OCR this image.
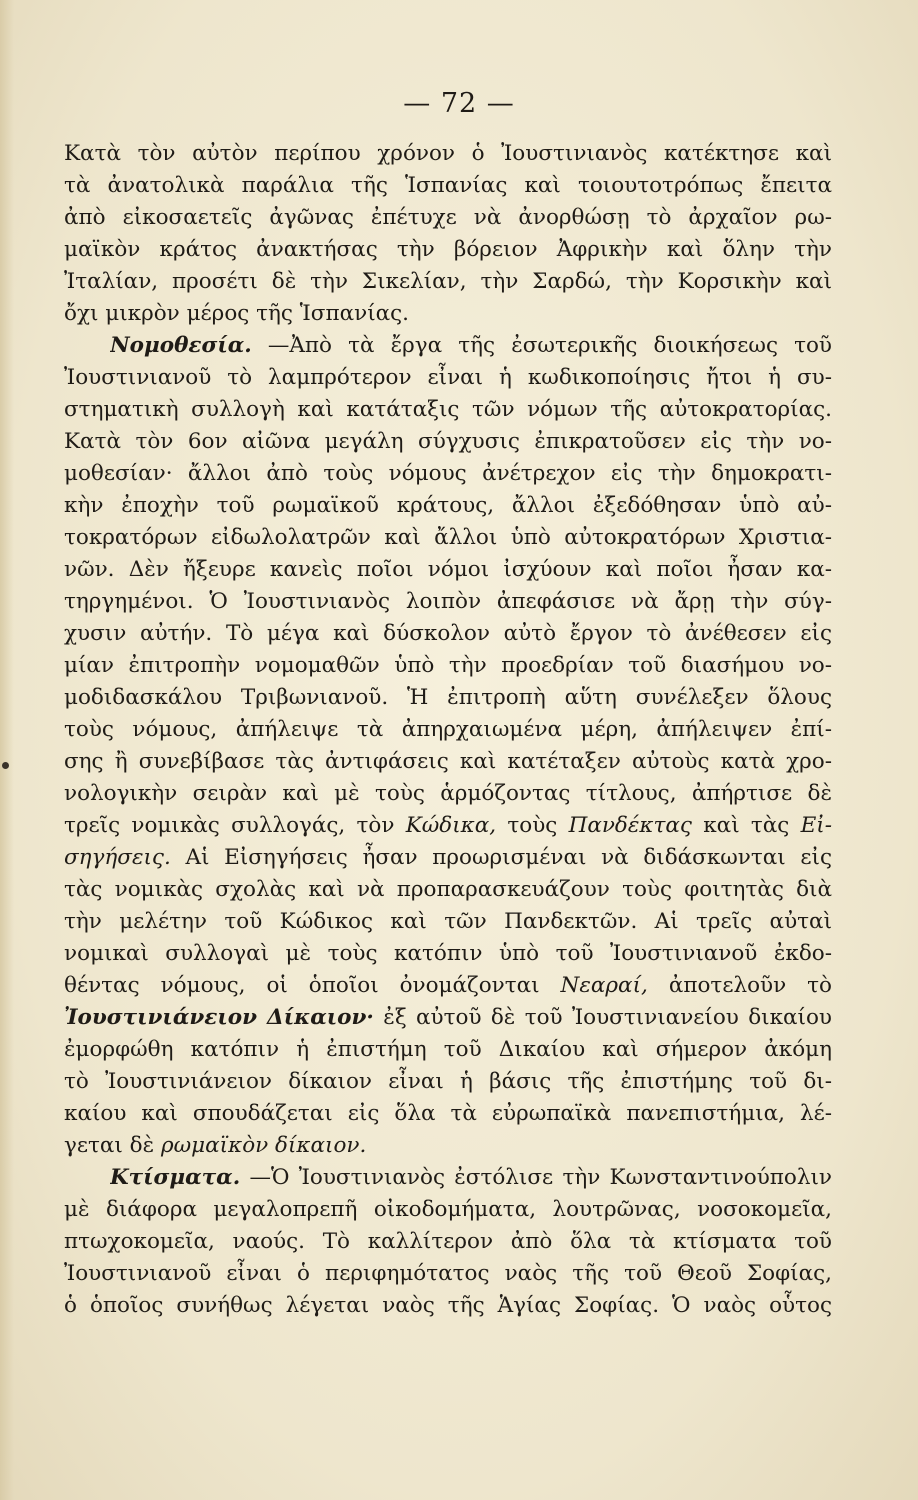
— 72 —
Κατὰ τὸν αὐτὸν περίπου χρόνον ὁ Ἰουστινιανὸς κατέκτησε καὶ
τὰ ἀνατολικὰ παράλια τῆς Ἱσπανίας καὶ τοιουτοτρόπως ἔπειτα
ἀπὸ εἰκοσαετεῖς ἀγῶνας ἐπέτυχε νὰ ἀνορθώσῃ τὸ ἀρχαῖον ρω-
μαϊκὸν κράτος ἀνακτήσας τὴν βόρειον Ἀφρικὴν καὶ ὅλην τὴν
Ἰταλίαν, προσέτι δὲ τὴν Σικελίαν, τὴν Σαρδώ, τὴν Κορσικὴν καὶ
ὄχι μικρὸν μέρος τῆς Ἱσπανίας.
Νομοθεσία. —Ἀπὸ τὰ ἔργα τῆς ἐσωτερικῆς διοικήσεως τοῦ
Ἰουστινιανοῦ τὸ λαμπρότερον εἶναι ἡ κωδικοποίησις ἤτοι ἡ συ-
στηματικὴ συλλογὴ καὶ κατάταξις τῶν νόμων τῆς αὐτοκρατορίας.
Κατὰ τὸν 6ον αἰῶνα μεγάλη σύγχυσις ἐπικρατοῦσεν εἰς τὴν νο-
μοθεσίαν· ἄλλοι ἀπὸ τοὺς νόμους ἀνέτρεχον εἰς τὴν δημοκρατι-
κὴν ἐποχὴν τοῦ ρωμαϊκοῦ κράτους, ἄλλοι ἐξεδόθησαν ὑπὸ αὐ-
τοκρατόρων εἰδωλολατρῶν καὶ ἄλλοι ὑπὸ αὐτοκρατόρων Χριστια-
νῶν. Δὲν ἤξευρε κανεὶς ποῖοι νόμοι ἰσχύουν καὶ ποῖοι ἦσαν κα-
τηργημένοι. Ὁ Ἰουστινιανὸς λοιπὸν ἀπεφάσισε νὰ ἄρῃ τὴν σύγ-
χυσιν αὐτήν. Τὸ μέγα καὶ δύσκολον αὐτὸ ἔργον τὸ ἀνέθεσεν εἰς
μίαν ἐπιτροπὴν νομομαθῶν ὑπὸ τὴν προεδρίαν τοῦ διασήμου νο-
μοδιδασκάλου Τριβωνιανοῦ. Ἡ ἐπιτροπὴ αὕτη συνέλεξεν ὅλους
τοὺς νόμους, ἀπήλειψε τὰ ἀπηρχαιωμένα μέρη, ἀπήλειψεν ἐπί-
σης ἢ συνεβίβασε τὰς ἀντιφάσεις καὶ κατέταξεν αὐτοὺς κατὰ χρο-
νολογικὴν σειρὰν καὶ μὲ τοὺς ἁρμόζοντας τίτλους, ἀπήρτισε δὲ
τρεῖς νομικὰς συλλογάς, τὸν Κώδικα, τοὺς Πανδέκτας καὶ τὰς Εἰ-
σηγήσεις. Αἱ Εἰσηγήσεις ἦσαν προωρισμέναι νὰ διδάσκωνται εἰς
τὰς νομικὰς σχολὰς καὶ νὰ προπαρασκευάζουν τοὺς φοιτητὰς διὰ
τὴν μελέτην τοῦ Κώδικος καὶ τῶν Πανδεκτῶν. Αἱ τρεῖς αὐταὶ
νομικαὶ συλλογαὶ μὲ τοὺς κατόπιν ὑπὸ τοῦ Ἰουστινιανοῦ ἐκδο-
θέντας νόμους, οἱ ὁποῖοι ὀνομάζονται Νεαραί, ἀποτελοῦν τὸ
Ἰουστινιάνειον Δίκαιον· ἐξ αὐτοῦ δὲ τοῦ Ἰουστινιανείου δικαίου
ἐμορφώθη κατόπιν ἡ ἐπιστήμη τοῦ Δικαίου καὶ σήμερον ἀκόμη
τὸ Ἰουστινιάνειον δίκαιον εἶναι ἡ βάσις τῆς ἐπιστήμης τοῦ δι-
καίου καὶ σπουδάζεται εἰς ὅλα τὰ εὐρωπαϊκὰ πανεπιστήμια, λέ-
γεται δὲ ρωμαϊκὸν δίκαιον.
Κτίσματα. —Ὁ Ἰουστινιανὸς ἐστόλισε τὴν Κωνσταντινούπολιν
μὲ διάφορα μεγαλοπρεπῆ οἰκοδομήματα, λουτρῶνας, νοσοκομεῖα,
πτωχοκομεῖα, ναούς. Τὸ καλλίτερον ἀπὸ ὅλα τὰ κτίσματα τοῦ
Ἰουστινιανοῦ εἶναι ὁ περιφημότατος ναὸς τῆς τοῦ Θεοῦ Σοφίας,
ὁ ὁποῖος συνήθως λέγεται ναὸς τῆς Ἁγίας Σοφίας. Ὁ ναὸς οὗτος
